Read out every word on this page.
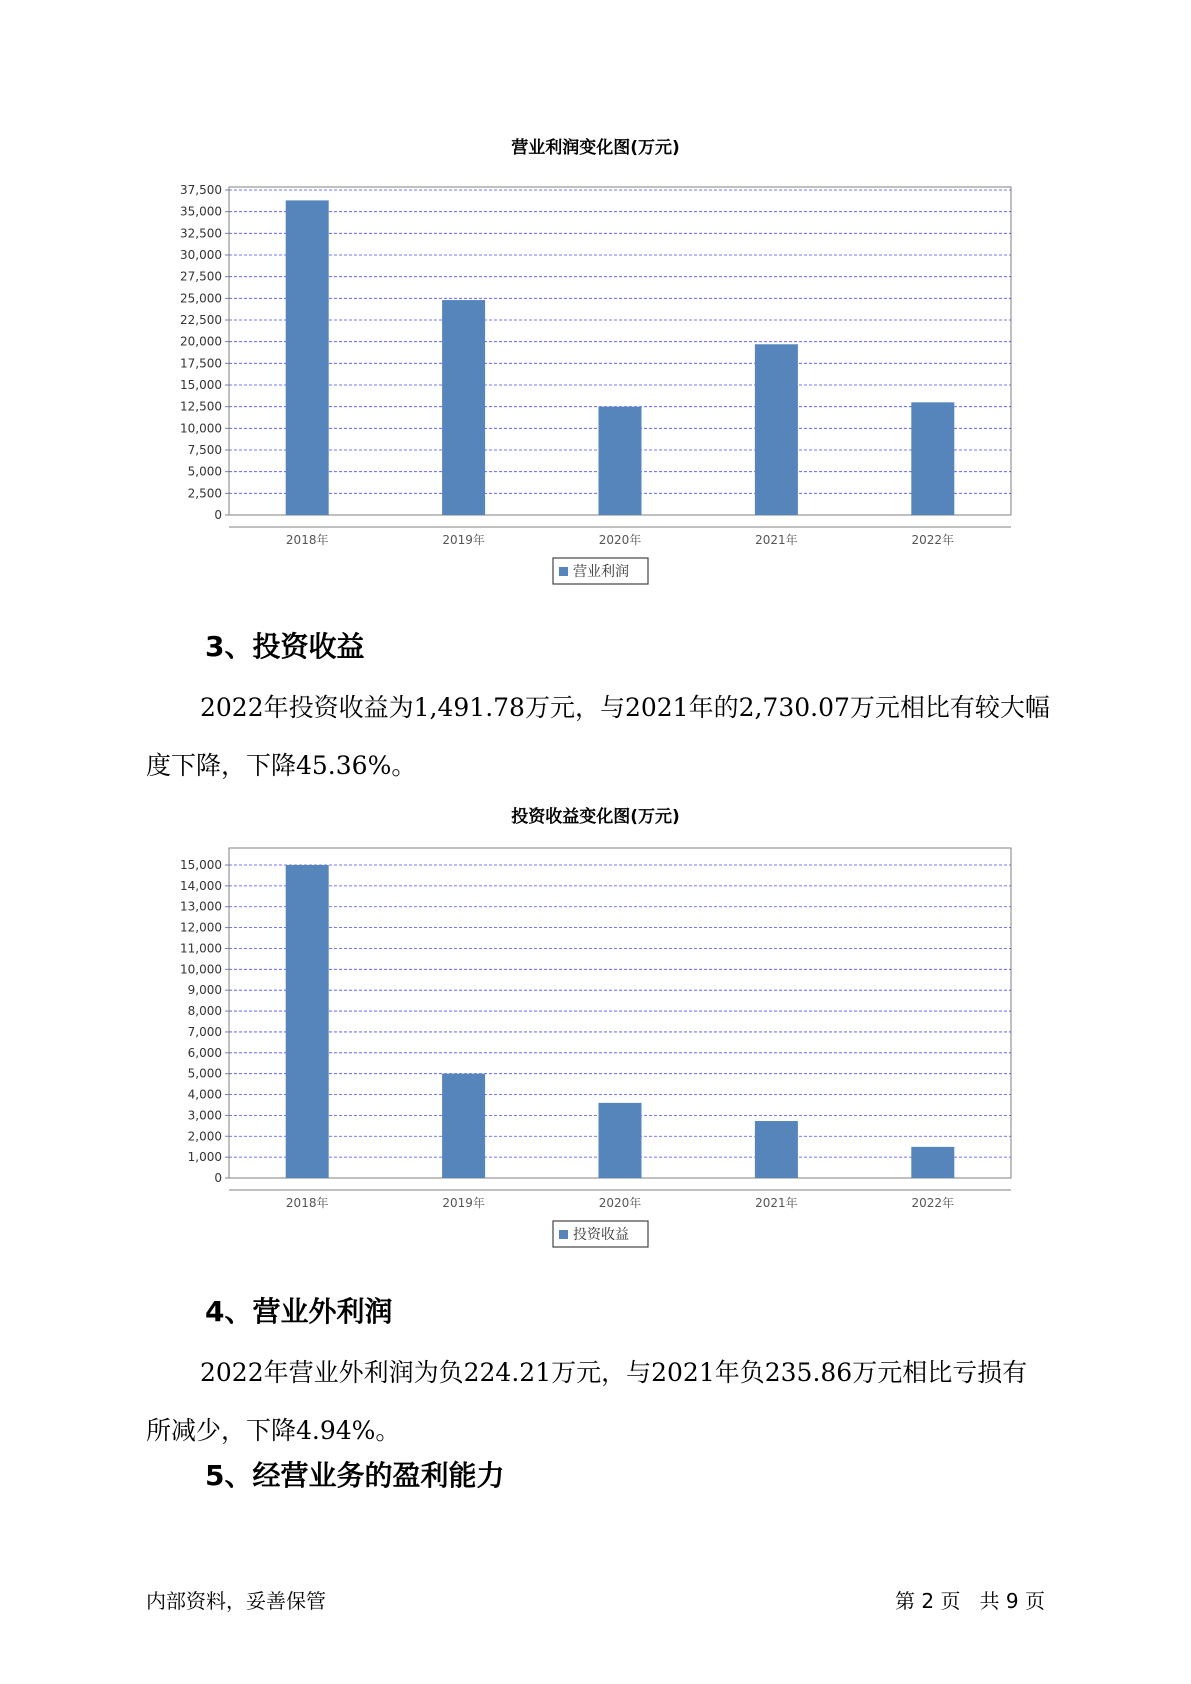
营业利润变化图(万元)
0
2,500
5,000
7,500
10,000
12,500
15,000
17,500
20,000
22,500
25,000
27,500
30,000
32,500
35,000
37,500
2018年	2019年	2020年	2021年	2022年
营业利润
3、投资收益

2022年投资收益为1,491.78万元，与2021年的2,730.07万元相比有较大幅度下降，下降45.36%。

投资收益变化图(万元)
0
1,000
2,000
3,000
4,000
5,000
6,000
7,000
8,000
9,000
10,000
11,000
12,000
13,000
14,000
15,000
2018年	2019年	2020年	2021年	2022年
投资收益
4、营业外利润

2022年营业外利润为负224.21万元，与2021年负235.86万元相比亏损有所减少，下降4.94%。

5、经营业务的盈利能力
内部资料，妥善保管	第 2 页   共 9 页
